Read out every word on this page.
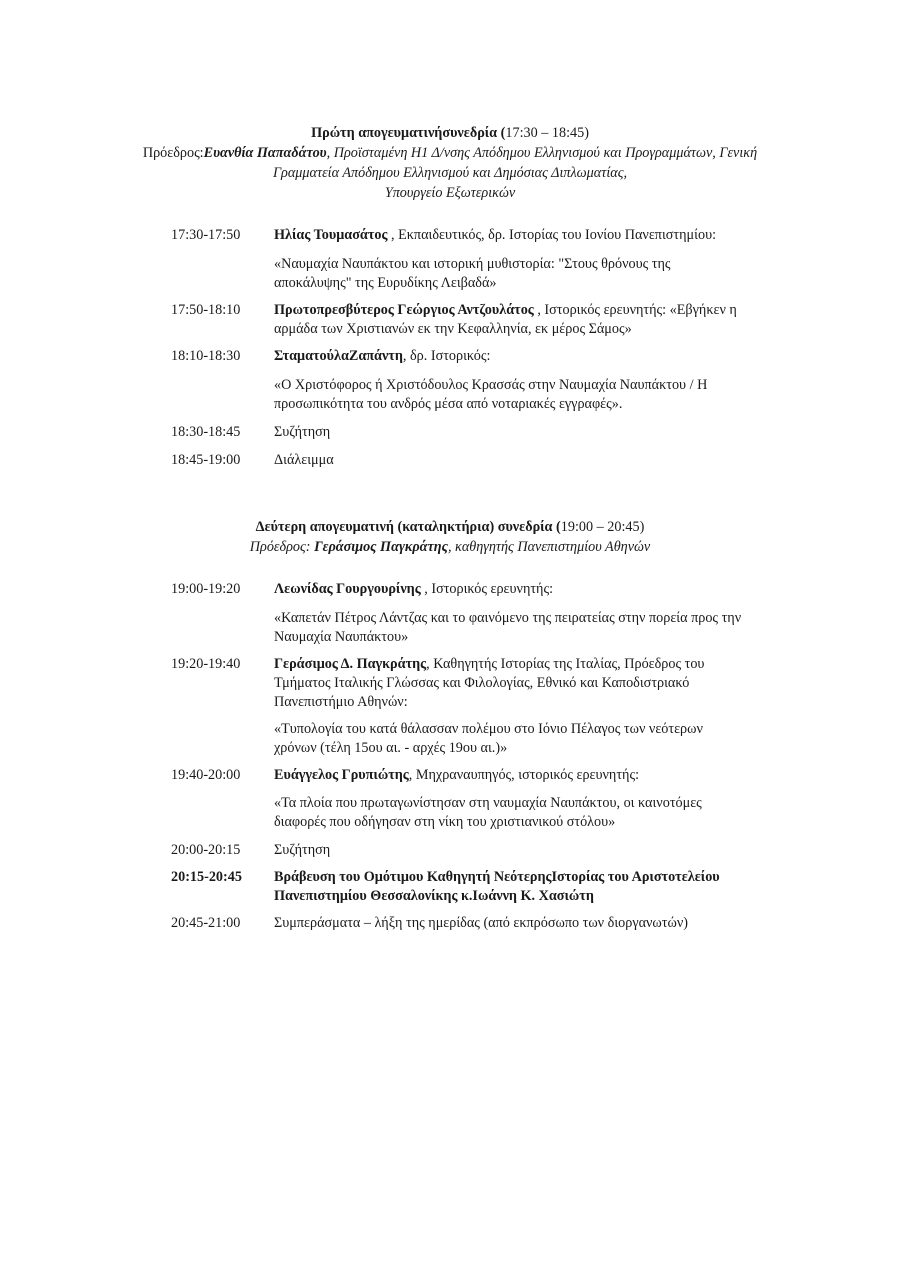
Πρώτη απογευματινήσυνεδρία (17:30 – 18:45)
Πρόεδρος:Ευανθία Παπαδάτου, Προϊσταμένη Η1 Δ/νσης Απόδημου Ελληνισμού και Προγραμμάτων, Γενική
Γραμματεία Απόδημου Ελληνισμού και Δημόσιας Διπλωματίας,
Υπουργείο Εξωτερικών
17:30-17:50	Ηλίας Τουμασάτος , Εκπαιδευτικός, δρ. Ιστορίας του Ιονίου Πανεπιστημίου:
«Ναυμαχία Ναυπάκτου και ιστορική μυθιστορία: "Στους θρόνους της
αποκάλυψης" της Ευρυδίκης Λειβαδά»
17:50-18:10	Πρωτοπρεσβύτερος Γεώργιος Αντζουλάτος , Ιστορικός ερευνητής: «Εβγήκεν η
αρμάδα των Χριστιανών εκ την Κεφαλληνία, εκ μέρος Σάμος»
18:10-18:30	ΣταματούλαΖαπάντη, δρ. Ιστορικός:
«Ο Χριστόφορος ή Χριστόδουλος Κρασσάς στην Ναυμαχία Ναυπάκτου / Η
προσωπικότητα του ανδρός μέσα από νοταριακές εγγραφές».
18:30-18:45	Συζήτηση
18:45-19:00	Διάλειμμα
Δεύτερη απογευματινή (καταληκτήρια) συνεδρία (19:00 – 20:45)
Πρόεδρος: Γεράσιμος Παγκράτης, καθηγητής Πανεπιστημίου Αθηνών
19:00-19:20	Λεωνίδας Γουργουρίνης , Ιστορικός ερευνητής:
«Καπετάν Πέτρος Λάντζας και το φαινόμενο της πειρατείας στην πορεία προς την
Ναυμαχία Ναυπάκτου»
19:20-19:40	Γεράσιμος Δ. Παγκράτης, Καθηγητής Ιστορίας της Ιταλίας, Πρόεδρος του
Τμήματος Ιταλικής Γλώσσας και Φιλολογίας, Εθνικό και Καποδιστριακό
Πανεπιστήμιο Αθηνών:
«Τυπολογία του κατά θάλασσαν πολέμου στο Ιόνιο Πέλαγος των νεότερων
χρόνων (τέλη 15ου αι. - αρχές 19ου αι.)»
19:40-20:00	Ευάγγελος Γρυπιώτης, Μηχραναυπηγός, ιστορικός ερευνητής:
«Τα πλοία που πρωταγωνίστησαν στη ναυμαχία Ναυπάκτου, οι καινοτόμες
διαφορές που οδήγησαν στη νίκη του χριστιανικού στόλου»
20:00-20:15	Συζήτηση
20:15-20:45	Βράβευση του Ομότιμου Καθηγητή ΝεότερηςΙστορίας του Αριστοτελείου
Πανεπιστημίου Θεσσαλονίκης κ.Ιωάννη Κ. Χασιώτη
20:45-21:00	Συμπεράσματα – λήξη της ημερίδας (από εκπρόσωπο των διοργανωτών)
